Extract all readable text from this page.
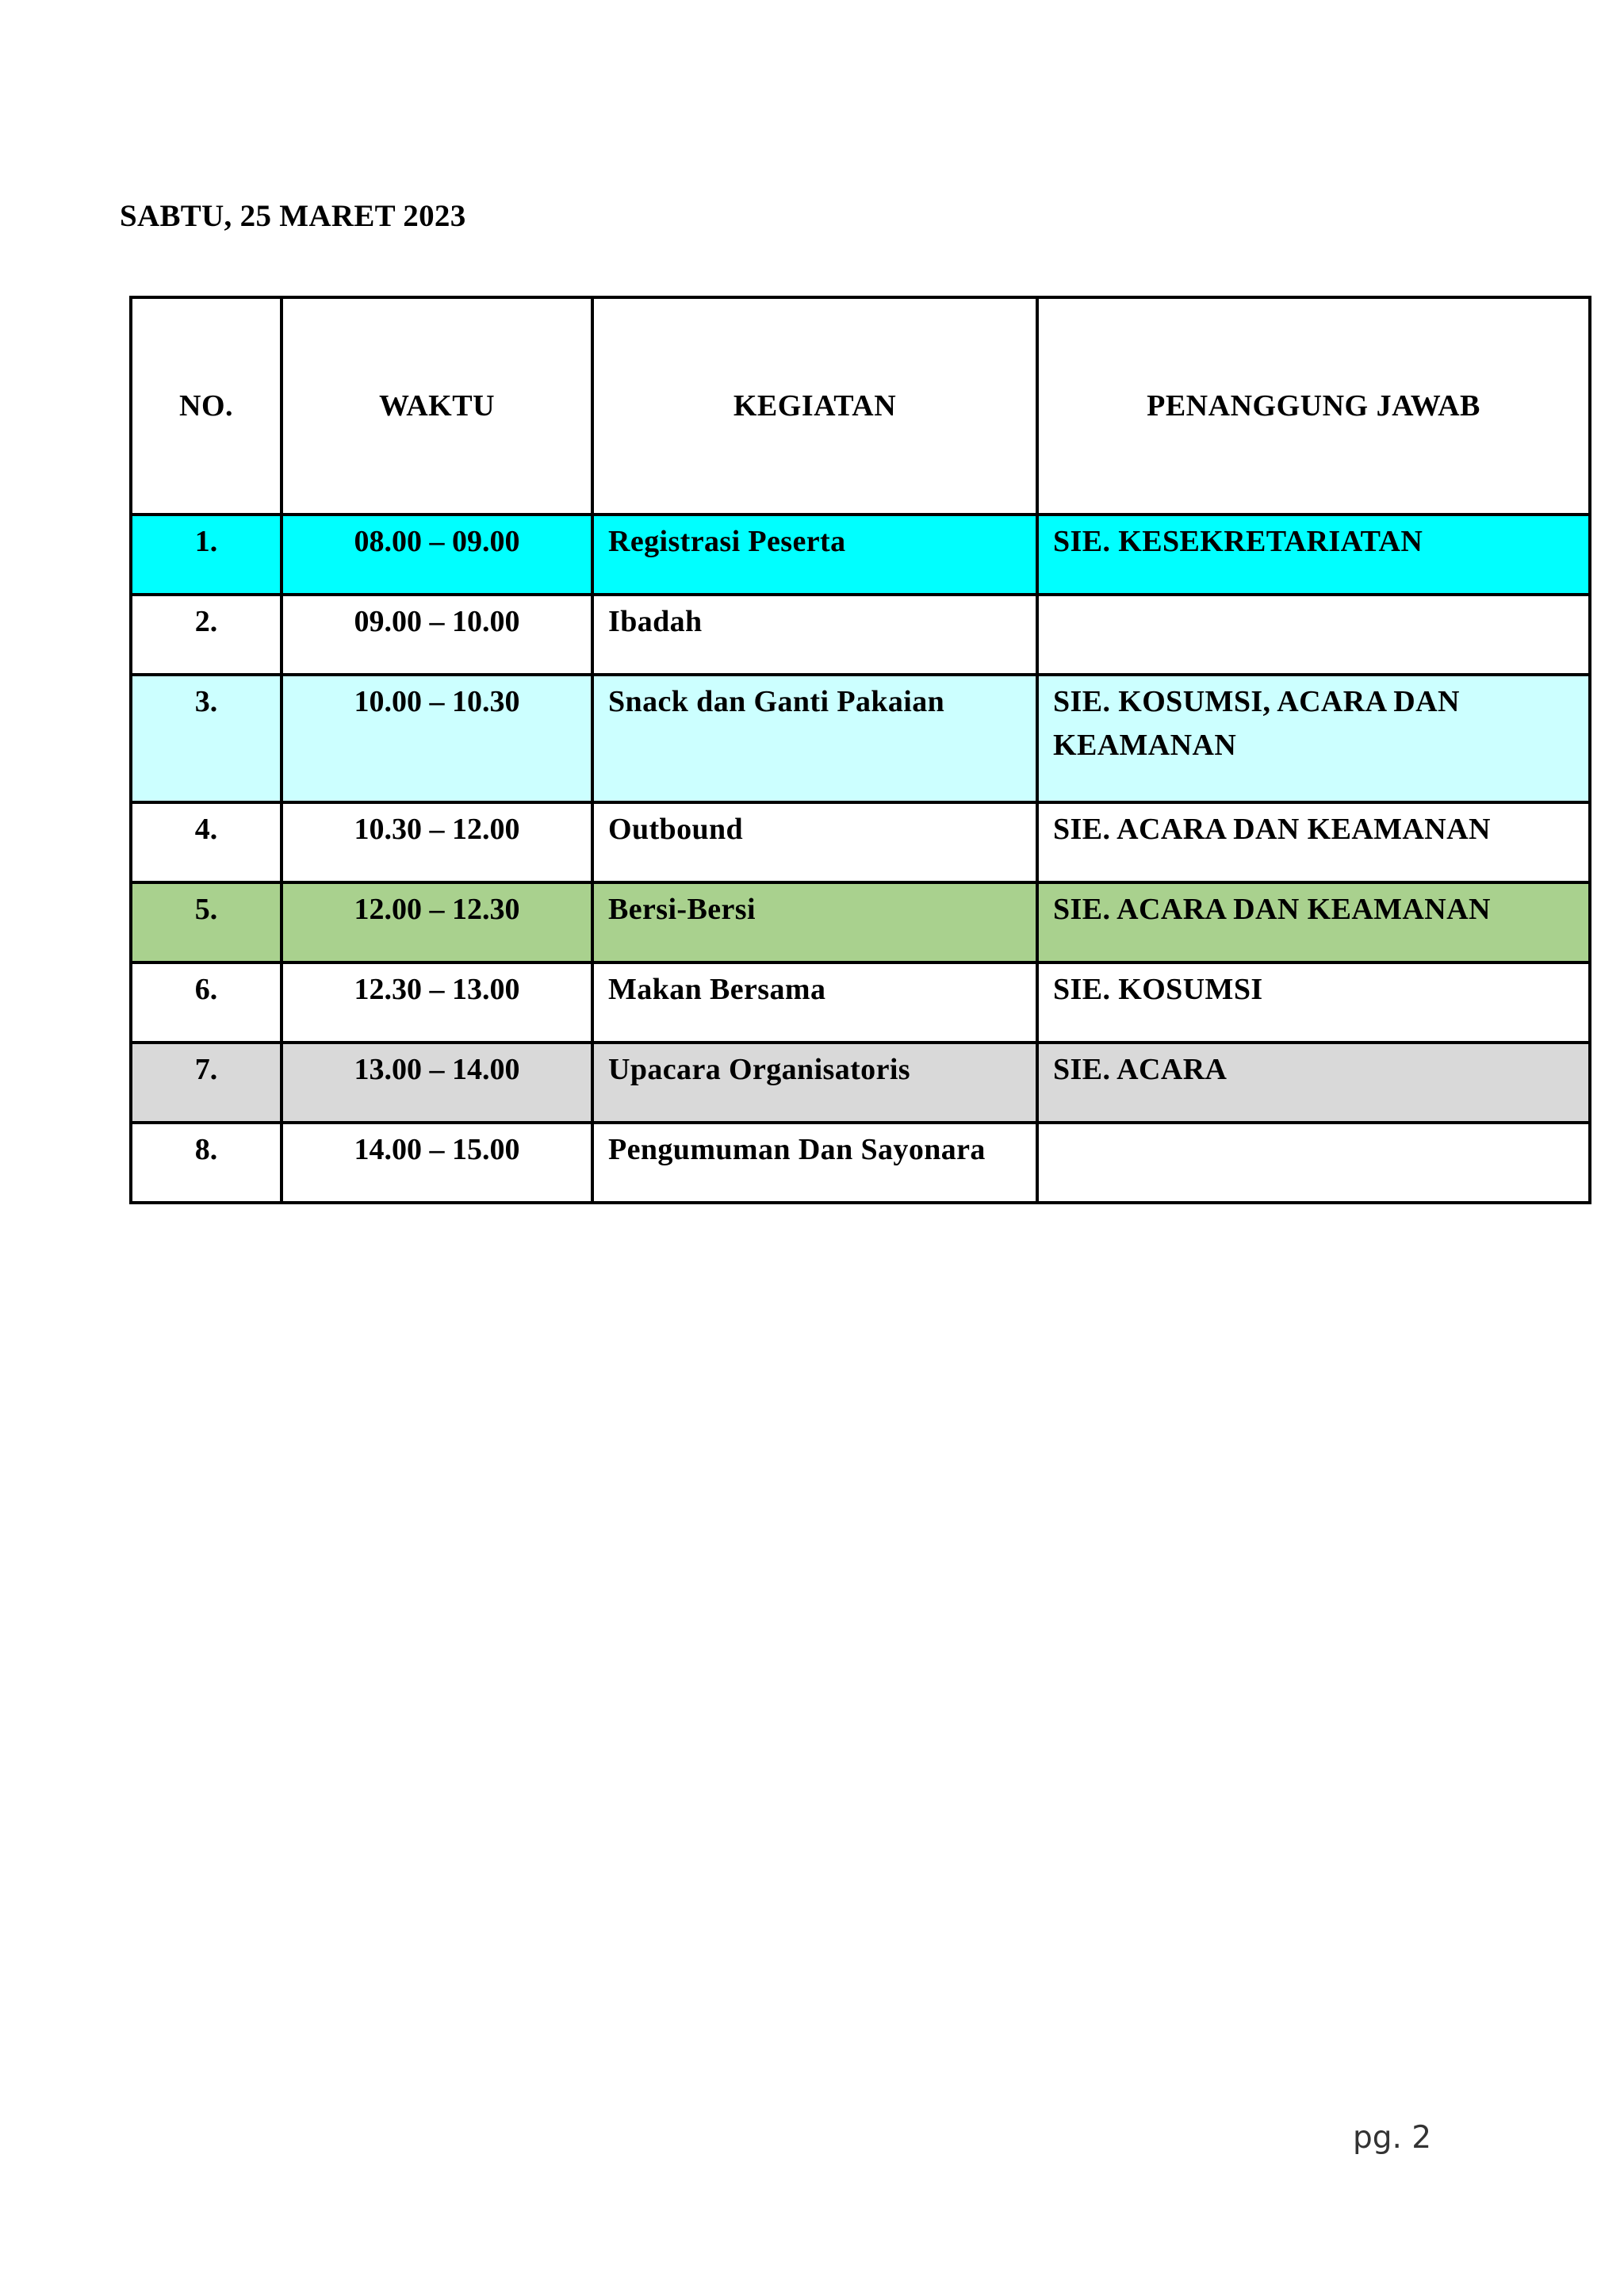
SABTU, 25 MARET 2023
NO.	WAKTU	KEGIATAN	PENANGGUNG JAWAB
1.	08.00 – 09.00	Registrasi Peserta	SIE. KESEKRETARIATAN
2.	09.00 – 10.00	Ibadah	
3.	10.00 – 10.30	Snack dan Ganti Pakaian	SIE. KOSUMSI, ACARA DAN KEAMANAN
4.	10.30 – 12.00	Outbound	SIE. ACARA DAN KEAMANAN
5.	12.00 – 12.30	Bersi-Bersi	SIE. ACARA DAN KEAMANAN
6.	12.30 – 13.00	Makan Bersama	SIE. KOSUMSI
7.	13.00 – 14.00	Upacara Organisatoris	SIE. ACARA
8.	14.00 – 15.00	Pengumuman Dan Sayonara	
pg. 2
